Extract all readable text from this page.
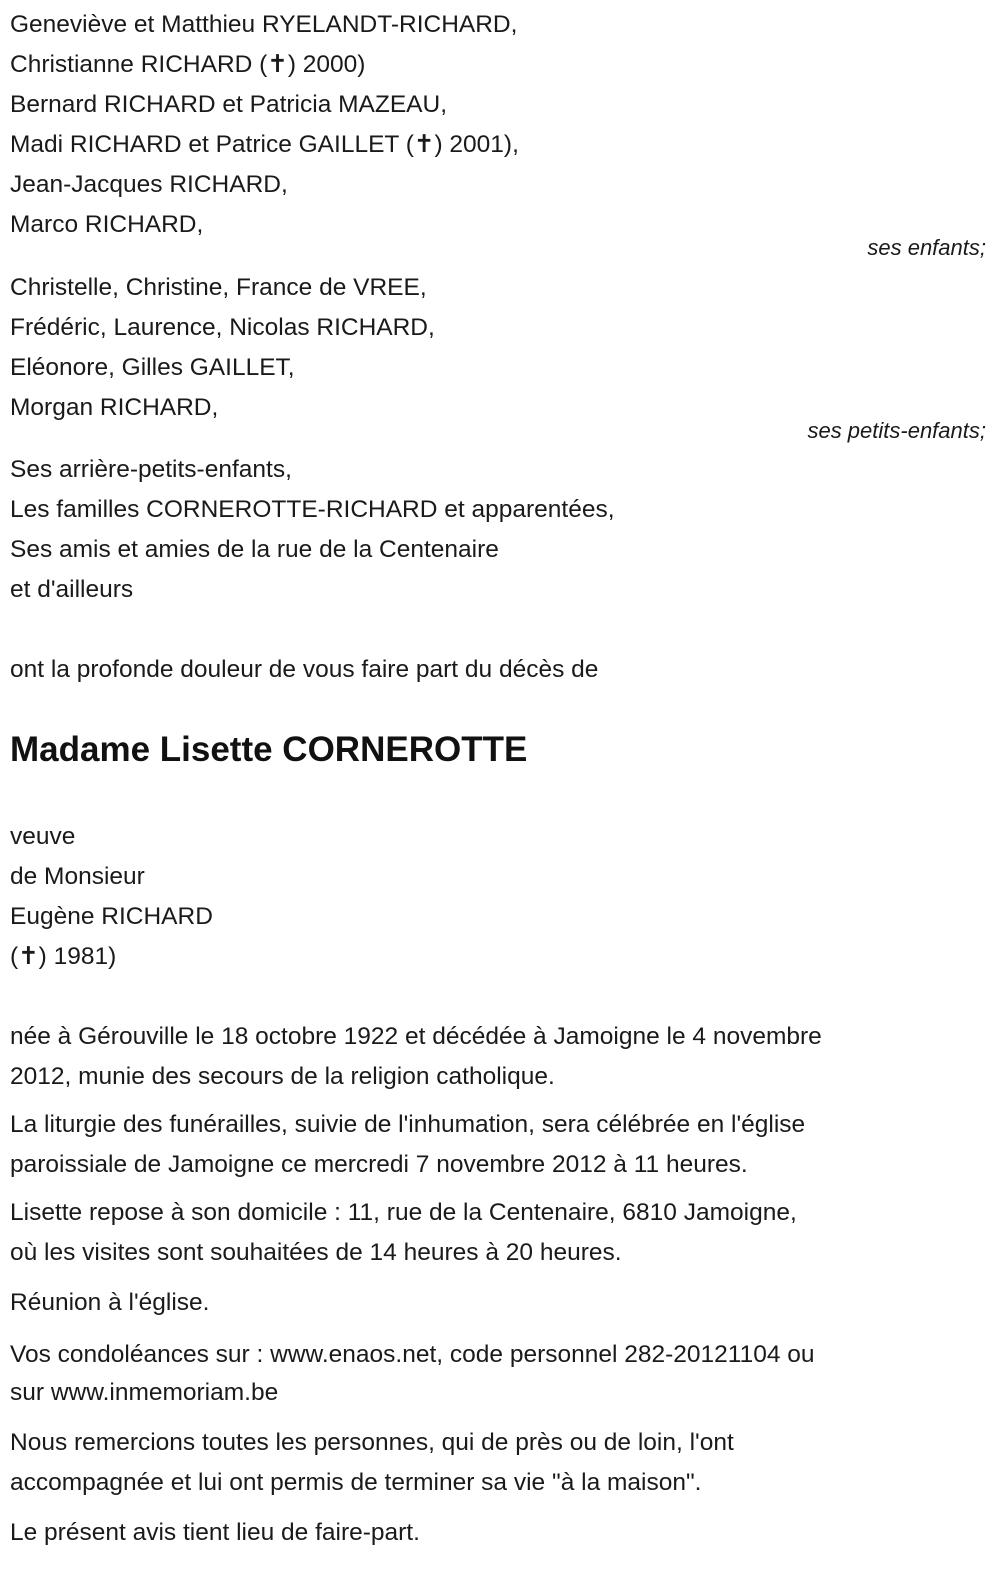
Geneviève et Matthieu RYELANDT-RICHARD,
Christianne RICHARD (✝) 2000)
Bernard RICHARD et Patricia MAZEAU,
Madi RICHARD et Patrice GAILLET (✝) 2001),
Jean-Jacques RICHARD,
Marco RICHARD,
ses enfants;
Christelle, Christine, France de VREE,
Frédéric, Laurence, Nicolas RICHARD,
Eléonore, Gilles GAILLET,
Morgan RICHARD,
ses petits-enfants;
Ses arrière-petits-enfants,
Les familles CORNEROTTE-RICHARD et apparentées,
Ses amis et amies de la rue de la Centenaire
et d'ailleurs
ont la profonde douleur de vous faire part du décès de
Madame Lisette CORNEROTTE
veuve
de Monsieur
Eugène RICHARD
(✝) 1981)
née à Gérouville le 18 octobre 1922 et décédée à Jamoigne le 4 novembre
2012, munie des secours de la religion catholique.
La liturgie des funérailles, suivie de l'inhumation, sera célébrée en l'église
paroissiale de Jamoigne ce mercredi 7 novembre 2012 à 11 heures.
Lisette repose à son domicile : 11, rue de la Centenaire, 6810 Jamoigne,
où les visites sont souhaitées de 14 heures à 20 heures.
Réunion à l'église.
Vos condoléances sur : www.enaos.net, code personnel 282-20121104 ou
sur www.inmemoriam.be
Nous remercions toutes les personnes, qui de près ou de loin, l'ont
accompagnée et lui ont permis de terminer sa vie "à la maison".
Le présent avis tient lieu de faire-part.
